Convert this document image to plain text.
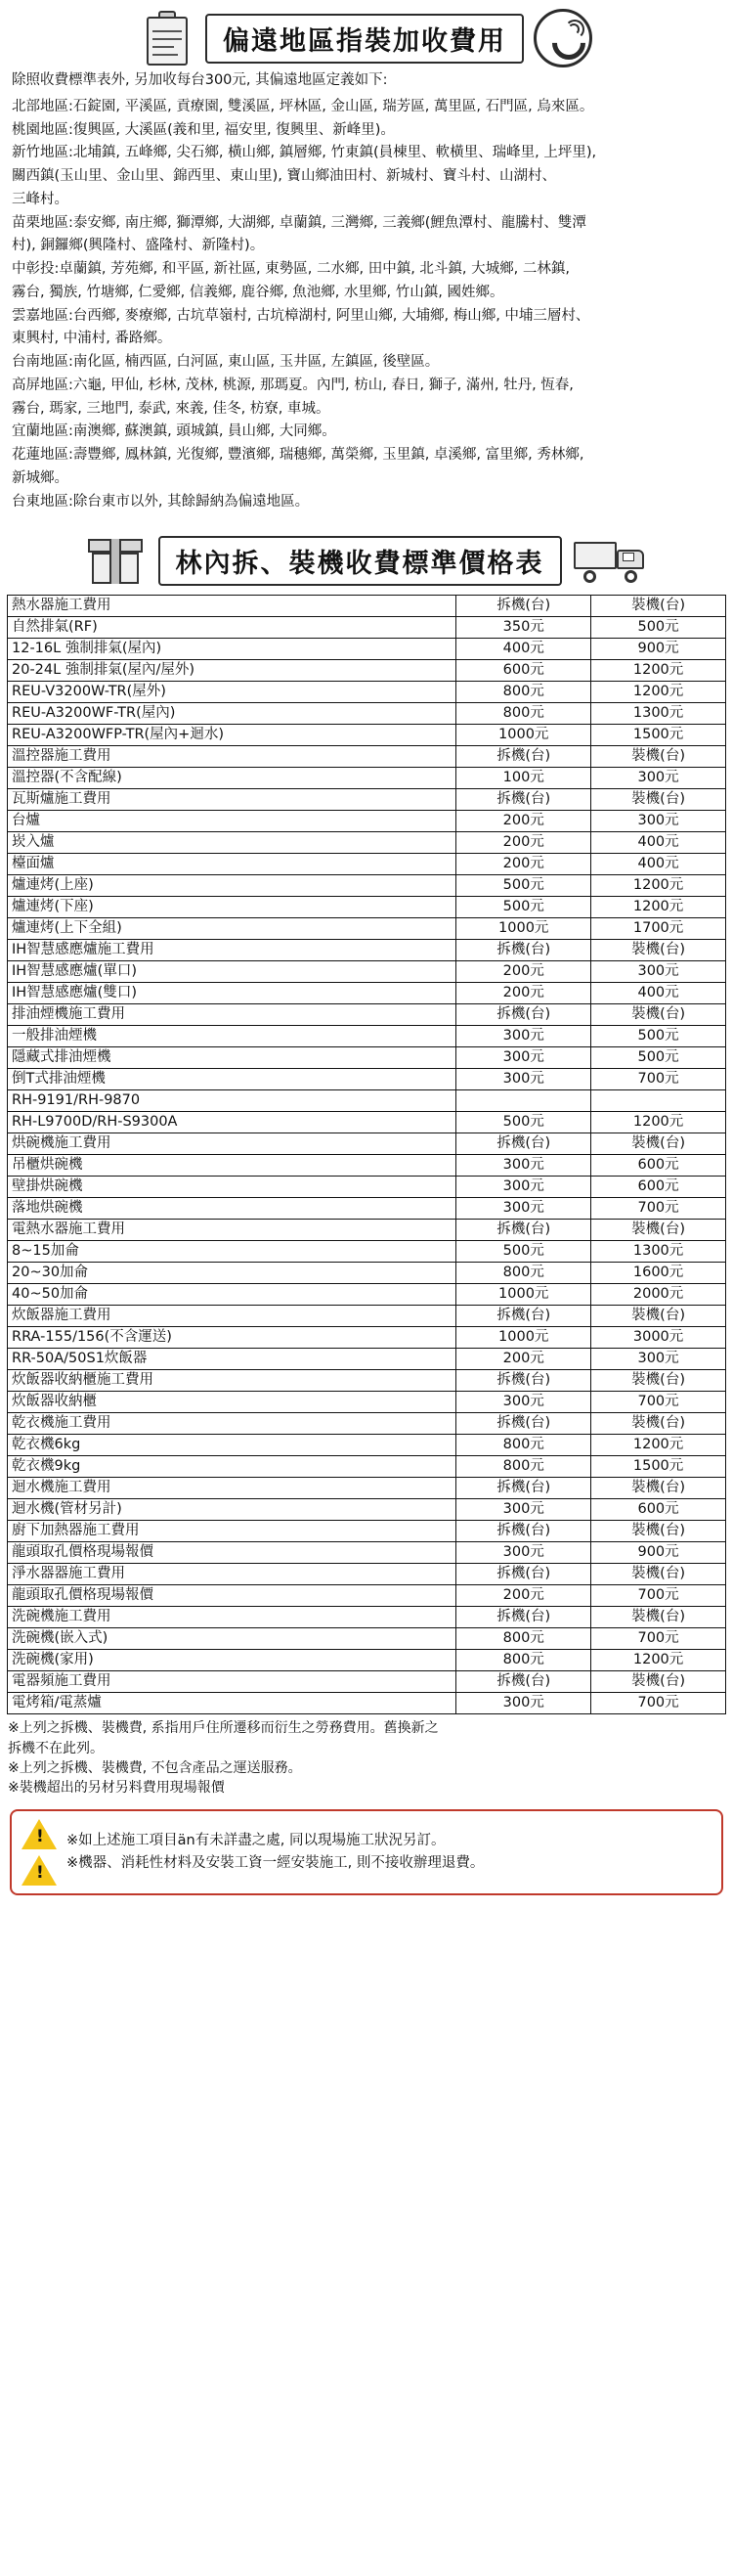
偏遠地區指裝加收費用

除照收費標準表外, 另加收每台300元, 其偏遠地區定義如下:

北部地區:石錠園, 平溪區, 貢療園, 雙溪區, 坪林區, 金山區, 瑞芳區, 萬里區, 石門區, 烏來區。

桃園地區:復興區, 大溪區(義和里, 福安里, 復興里、新峰里)。

新竹地區:北埔鎮, 五峰鄉, 尖石鄉, 橫山鄉, 鎮層鄉, 竹東鎮(員棟里、軟橫里、瑞峰里, 上坪里),

關西鎮(玉山里、金山里、錦西里、東山里), 寶山鄉油田村、新城村、寶斗村、山湖村、

三峰村。

苗栗地區:泰安鄉, 南庄鄉, 獅潭鄉, 大湖鄉, 卓蘭鎮, 三灣鄉, 三義鄉(鯉魚潭村、龍騰村、雙潭

村), 銅鑼鄉(興隆村、盛隆村、新隆村)。

中彰投:卓蘭鎮, 芳苑鄉, 和平區, 新社區, 東勢區, 二水鄉, 田中鎮, 北斗鎮, 大城鄉, 二林鎮,

霧台, 獨族, 竹塘鄉, 仁愛鄉, 信義鄉, 鹿谷鄉, 魚池鄉, 水里鄉, 竹山鎮, 國姓鄉。

雲嘉地區:台西鄉, 麥療鄉, 古坑草嶺村, 古坑樟湖村, 阿里山鄉, 大埔鄉, 梅山鄉, 中埔三層村、

東興村, 中浦村, 番路鄉。

台南地區:南化區, 楠西區, 白河區, 東山區, 玉井區, 左鎮區, 後壁區。

高屏地區:六龜, 甲仙, 杉林, 茂林, 桃源, 那瑪夏。內門, 枋山, 春日, 獅子, 滿州, 牡丹, 恆春,

霧台, 瑪家, 三地門, 泰武, 來義, 佳冬, 枋寮, 車城。

宜蘭地區:南澳鄉, 蘇澳鎮, 頭城鎮, 員山鄉, 大同鄉。

花蓮地區:壽豐鄉, 鳳林鎮, 光復鄉, 豐濱鄉, 瑞穗鄉, 萬榮鄉, 玉里鎮, 卓溪鄉, 富里鄉, 秀林鄉,

新城鄉。

台東地區:除台東市以外, 其餘歸納為偏遠地區。

林內拆、裝機收費標準價格表
熱水器施工費用	拆機(台)	裝機(台)
自然排氣(RF)	350元	500元
12-16L 強制排氣(屋內)	400元	900元
20-24L 強制排氣(屋內/屋外)	600元	1200元
REU-V3200W-TR(屋外)	800元	1200元
REU-A3200WF-TR(屋內)	800元	1300元
REU-A3200WFP-TR(屋內+迴水)	1000元	1500元
溫控器施工費用	拆機(台)	裝機(台)
溫控器(不含配線)	100元	300元
瓦斯爐施工費用	拆機(台)	裝機(台)
台爐	200元	300元
崁入爐	200元	400元
檯面爐	200元	400元
爐連烤(上座)	500元	1200元
爐連烤(下座)	500元	1200元
爐連烤(上下全組)	1000元	1700元
IH智慧感應爐施工費用	拆機(台)	裝機(台)
IH智慧感應爐(單口)	200元	300元
IH智慧感應爐(雙口)	200元	400元
排油煙機施工費用	拆機(台)	裝機(台)
一般排油煙機	300元	500元
隱藏式排油煙機	300元	500元
倒T式排油煙機	300元	700元
RH-9191/RH-9870		
RH-L9700D/RH-S9300A	500元	1200元
烘碗機施工費用	拆機(台)	裝機(台)
吊櫃烘碗機	300元	600元
壁掛烘碗機	300元	600元
落地烘碗機	300元	700元
電熱水器施工費用	拆機(台)	裝機(台)
8~15加侖	500元	1300元
20~30加侖	800元	1600元
40~50加侖	1000元	2000元
炊飯器施工費用	拆機(台)	裝機(台)
RRA-155/156(不含運送)	1000元	3000元
RR-50A/50S1炊飯器	200元	300元
炊飯器收納櫃施工費用	拆機(台)	裝機(台)
炊飯器收納櫃	300元	700元
乾衣機施工費用	拆機(台)	裝機(台)
乾衣機6kg	800元	1200元
乾衣機9kg	800元	1500元
迴水機施工費用	拆機(台)	裝機(台)
迴水機(管材另計)	300元	600元
廚下加熱器施工費用	拆機(台)	裝機(台)
龍頭取孔價格現場報價	300元	900元
淨水器器施工費用	拆機(台)	裝機(台)
龍頭取孔價格現場報價	200元	700元
洗碗機施工費用	拆機(台)	裝機(台)
洗碗機(嵌入式)	800元	700元
洗碗機(家用)	800元	1200元
電器頻施工費用	拆機(台)	裝機(台)
電烤箱/電蒸爐	300元	700元

※上列之拆機、裝機費, 系指用戶住所遷移而衍生之勞務費用。舊換新之

拆機不在此列。

※上列之拆機、裝機費, 不包含產品之運送服務。

※裝機超出的另材另料費用現場報價

!
!
※如上述施工項目än有未詳盡之處, 同以現場施工狀況另訂。
※機器、消耗性材料及安裝工資一經安裝施工, 則不接收辦理退費。
